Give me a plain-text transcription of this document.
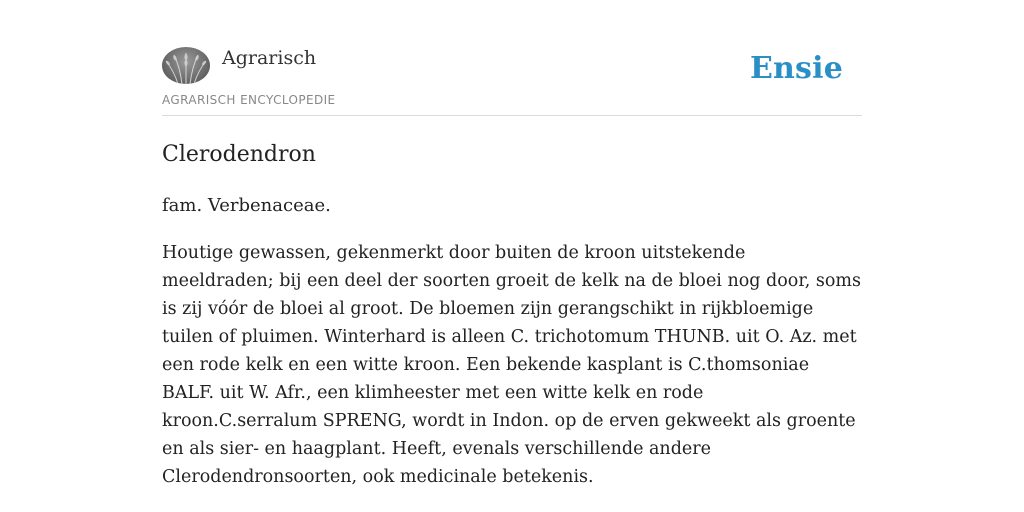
Agrarisch
AGRARISCH ENCYCLOPEDIE
Ensie
Clerodendron

fam. Verbenaceae.

Houtige gewassen, gekenmerkt door buiten de kroon uitstekende meeldraden; bij een deel der soorten groeit de kelk na de bloei nog door, soms is zij vóór de bloei al groot. De bloemen zijn gerangschikt in rijkbloemige tuilen of pluimen. Winterhard is alleen C. trichotomum THUNB. uit O. Az. met een rode kelk en een witte kroon. Een bekende kasplant is C.thomsoniae BALF. uit W. Afr., een klimheester met een witte kelk en rode kroon.C.serralum SPRENG, wordt in Indon. op de erven gekweekt als groente en als sier- en haagplant. Heeft, evenals verschillende andere Clerodendronsoorten, ook medicinale betekenis.
